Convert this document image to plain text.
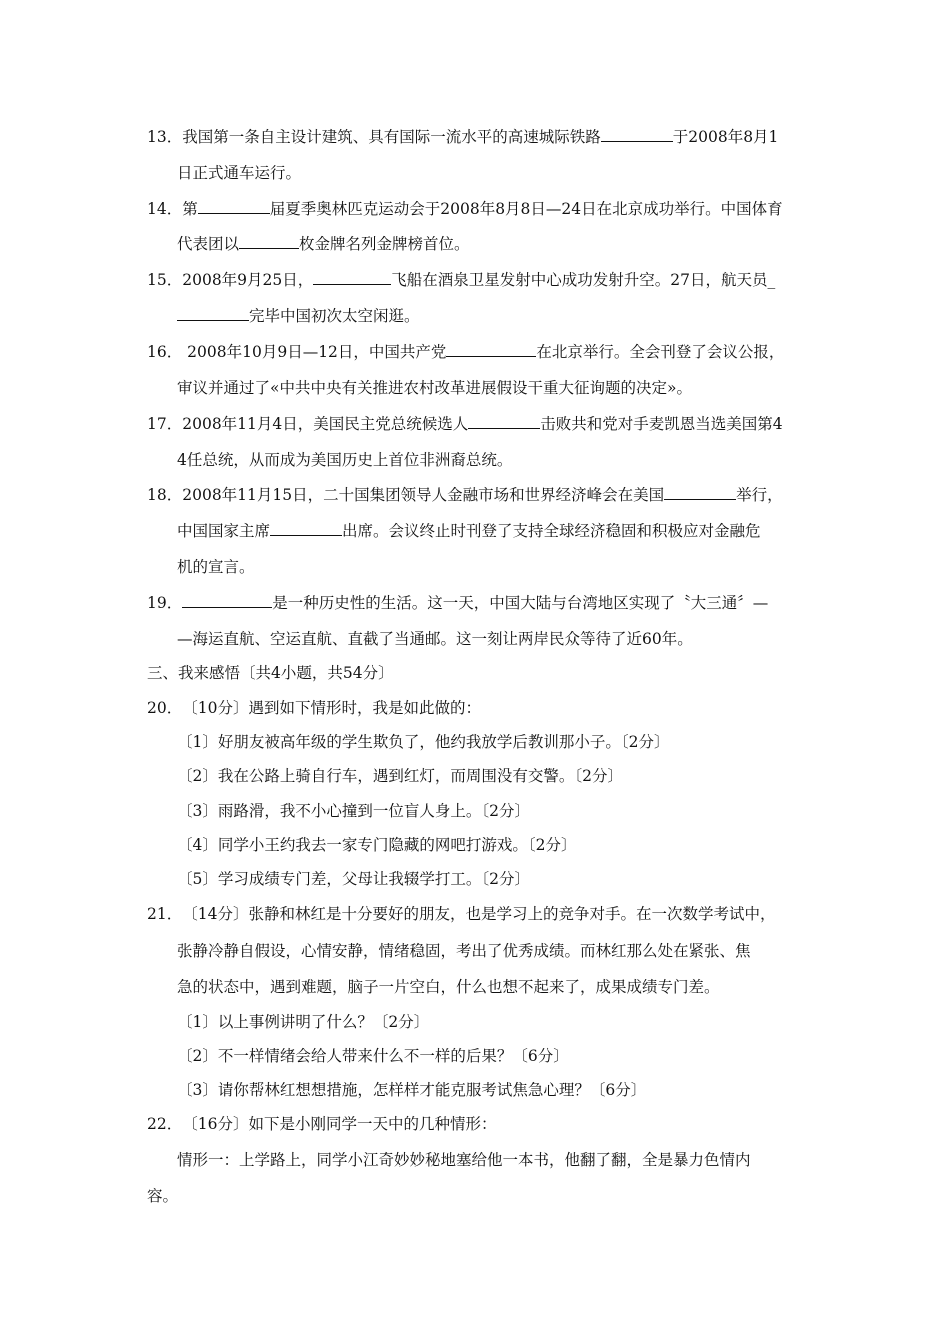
13．我国第一条自主设计建筑、具有国际一流水平的高速城际铁路	于2008年8月1
日正式通车运行。
14．第	届夏季奥林匹克运动会于2008年8月8日—24日在北京成功举行。中国体育
代表团以	枚金牌名列金牌榜首位。
15．2008年9月25日，	飞船在酒泉卫星发射中心成功发射升空。27日，航天员_
完毕中国初次太空闲逛。
16． 2008年10月9日—12日，中国共产党	在北京举行。全会刊登了会议公报，
审议并通过了«中共中央有关推进农村改革进展假设干重大征询题的决定»。
17．2008年11月4日，美国民主党总统候选人	击败共和党对手麦凯恩当选美国第4
4任总统，从而成为美国历史上首位非洲裔总统。
18．2008年11月15日，二十国集团领导人金融市场和世界经济峰会在美国	举行，
中国国家主席	出席。会议终止时刊登了支持全球经济稳固和积极应对金融危
机的宣言。
19．	是一种历史性的生活。这一天，中国大陆与台湾地区实现了〝大三通〞—
—海运直航、空运直航、直截了当通邮。这一刻让两岸民众等待了近60年。
三、我来感悟〔共4小题，共54分〕
20．〔10分〕遇到如下情形时，我是如此做的：
〔1〕好朋友被高年级的学生欺负了，他约我放学后教训那小子。〔2分〕
〔2〕我在公路上骑自行车，遇到红灯，而周围没有交警。〔2分〕
〔3〕雨路滑，我不小心撞到一位盲人身上。〔2分〕
〔4〕同学小王约我去一家专门隐藏的网吧打游戏。〔2分〕
〔5〕学习成绩专门差，父母让我辍学打工。〔2分〕
21．〔14分〕张静和林红是十分要好的朋友，也是学习上的竞争对手。在一次数学考试中，
张静冷静自假设，心情安静，情绪稳固，考出了优秀成绩。而林红那么处在紧张、焦
急的状态中，遇到难题，脑子一片空白，什么也想不起来了，成果成绩专门差。
〔1〕以上事例讲明了什么？〔2分〕
〔2〕不一样情绪会给人带来什么不一样的后果？〔6分〕
〔3〕请你帮林红想想措施，怎样样才能克服考试焦急心理？〔6分〕
22．〔16分〕如下是小刚同学一天中的几种情形：
情形一：上学路上，同学小江奇妙妙秘地塞给他一本书，他翻了翻，全是暴力色情内
容。
